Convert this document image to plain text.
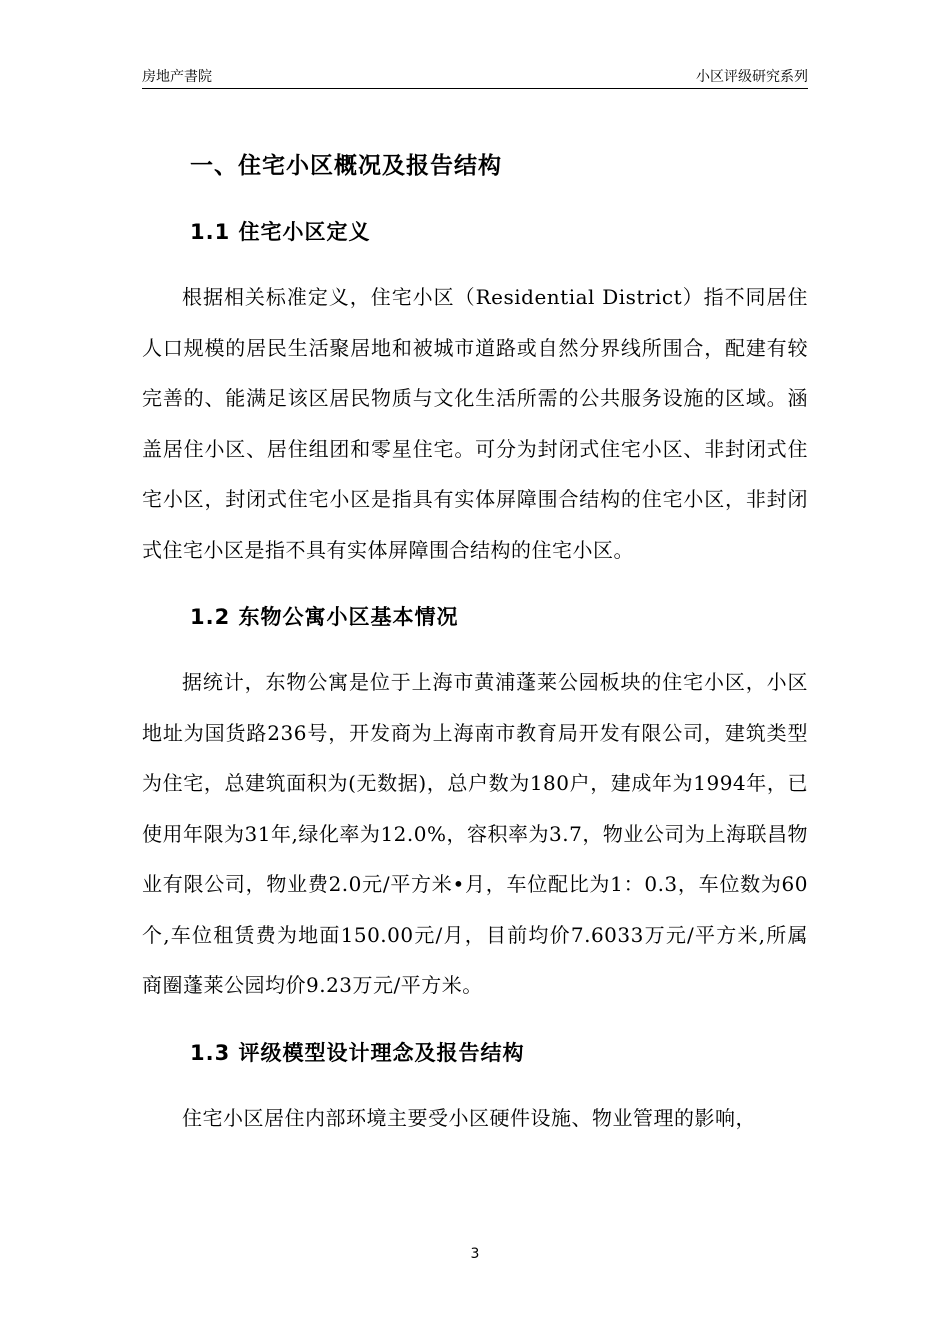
房地产書院	小区评级研究系列
一、住宅小区概况及报告结构
1.1 住宅小区定义

根据相关标准定义，住宅小区（Residential District）指不同居住人口规模的居民生活聚居地和被城市道路或自然分界线所围合，配建有较完善的、能满足该区居民物质与文化生活所需的公共服务设施的区域。涵盖居住小区、居住组团和零星住宅。可分为封闭式住宅小区、非封闭式住宅小区，封闭式住宅小区是指具有实体屏障围合结构的住宅小区，非封闭式住宅小区是指不具有实体屏障围合结构的住宅小区。

1.2 东物公寓小区基本情况

据统计，东物公寓是位于上海市黄浦蓬莱公园板块的住宅小区，小区地址为国货路236号，开发商为上海南市教育局开发有限公司，建筑类型为住宅，总建筑面积为(无数据)，总户数为180户，建成年为1994年，已使用年限为31年,绿化率为12.0%，容积率为3.7，物业公司为上海联昌物业有限公司，物业费2.0元/平方米•月，车位配比为1：0.3，车位数为60个,车位租赁费为地面150.00元/月，目前均价7.6033万元/平方米,所属商圈蓬莱公园均价9.23万元/平方米。

1.3 评级模型设计理念及报告结构

住宅小区居住内部环境主要受小区硬件设施、物业管理的影响，

3
